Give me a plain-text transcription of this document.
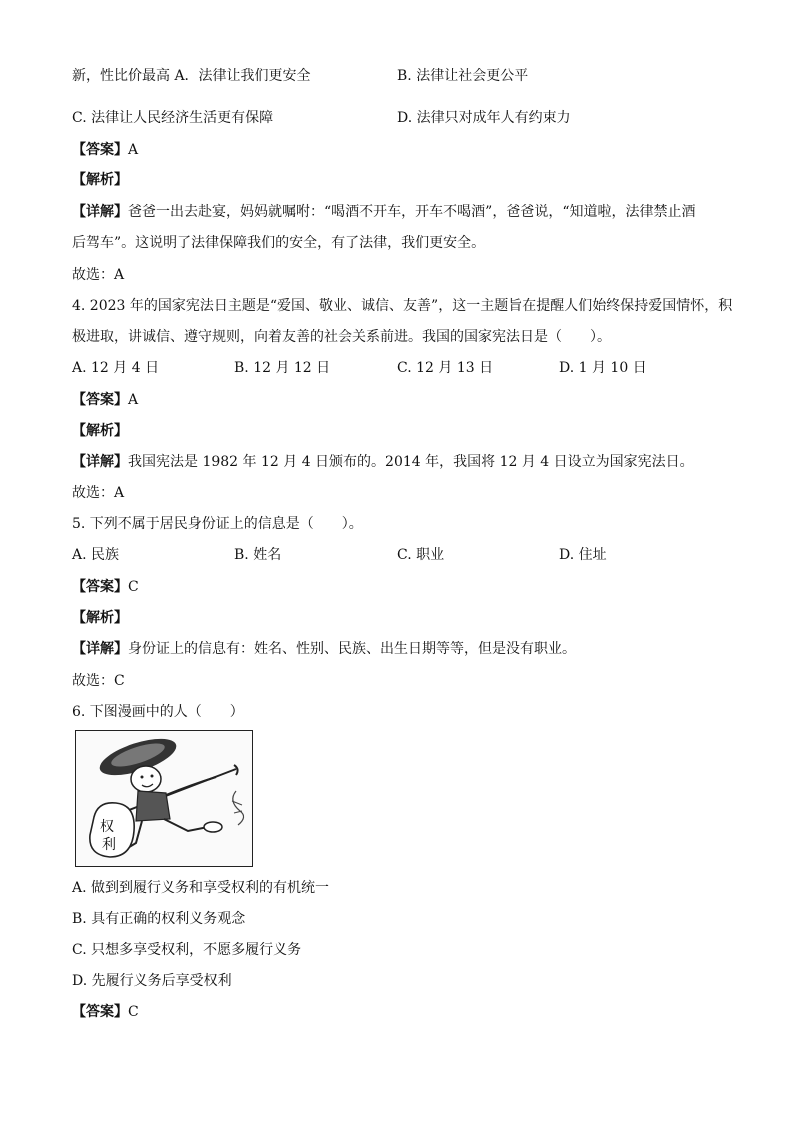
新，性比价最高 A．法律让我们更安全	B. 法律让社会更公平
C. 法律让人民经济生活更有保障	D. 法律只对成年人有约束力
【答案】A
【解析】
【详解】爸爸一出去赴宴，妈妈就嘱咐：“喝酒不开车，开车不喝酒”，爸爸说，“知道啦，法律禁止酒
后驾车”。这说明了法律保障我们的安全，有了法律，我们更安全。
故选：A
4. 2023 年的国家宪法日主题是“爱国、敬业、诚信、友善”，这一主题旨在提醒人们始终保持爱国情怀，积
极进取，讲诚信、遵守规则，向着友善的社会关系前进。我国的国家宪法日是（　　）。
A. 12 月 4 日	B. 12 月 12 日	C. 12 月 13 日	D. 1 月 10 日
【答案】A
【解析】
【详解】我国宪法是 1982 年 12 月 4 日颁布的。2014 年，我国将 12 月 4 日设立为国家宪法日。
故选：A
5. 下列不属于居民身份证上的信息是（　　）。
A. 民族	B. 姓名	C. 职业	D. 住址
【答案】C
【解析】
【详解】身份证上的信息有：姓名、性别、民族、出生日期等等，但是没有职业。
故选：C
6. 下图漫画中的人（　　）
权
利
A. 做到到履行义务和享受权利的有机统一
B. 具有正确的权利义务观念
C. 只想多享受权利，不愿多履行义务
D. 先履行义务后享受权利
【答案】C
